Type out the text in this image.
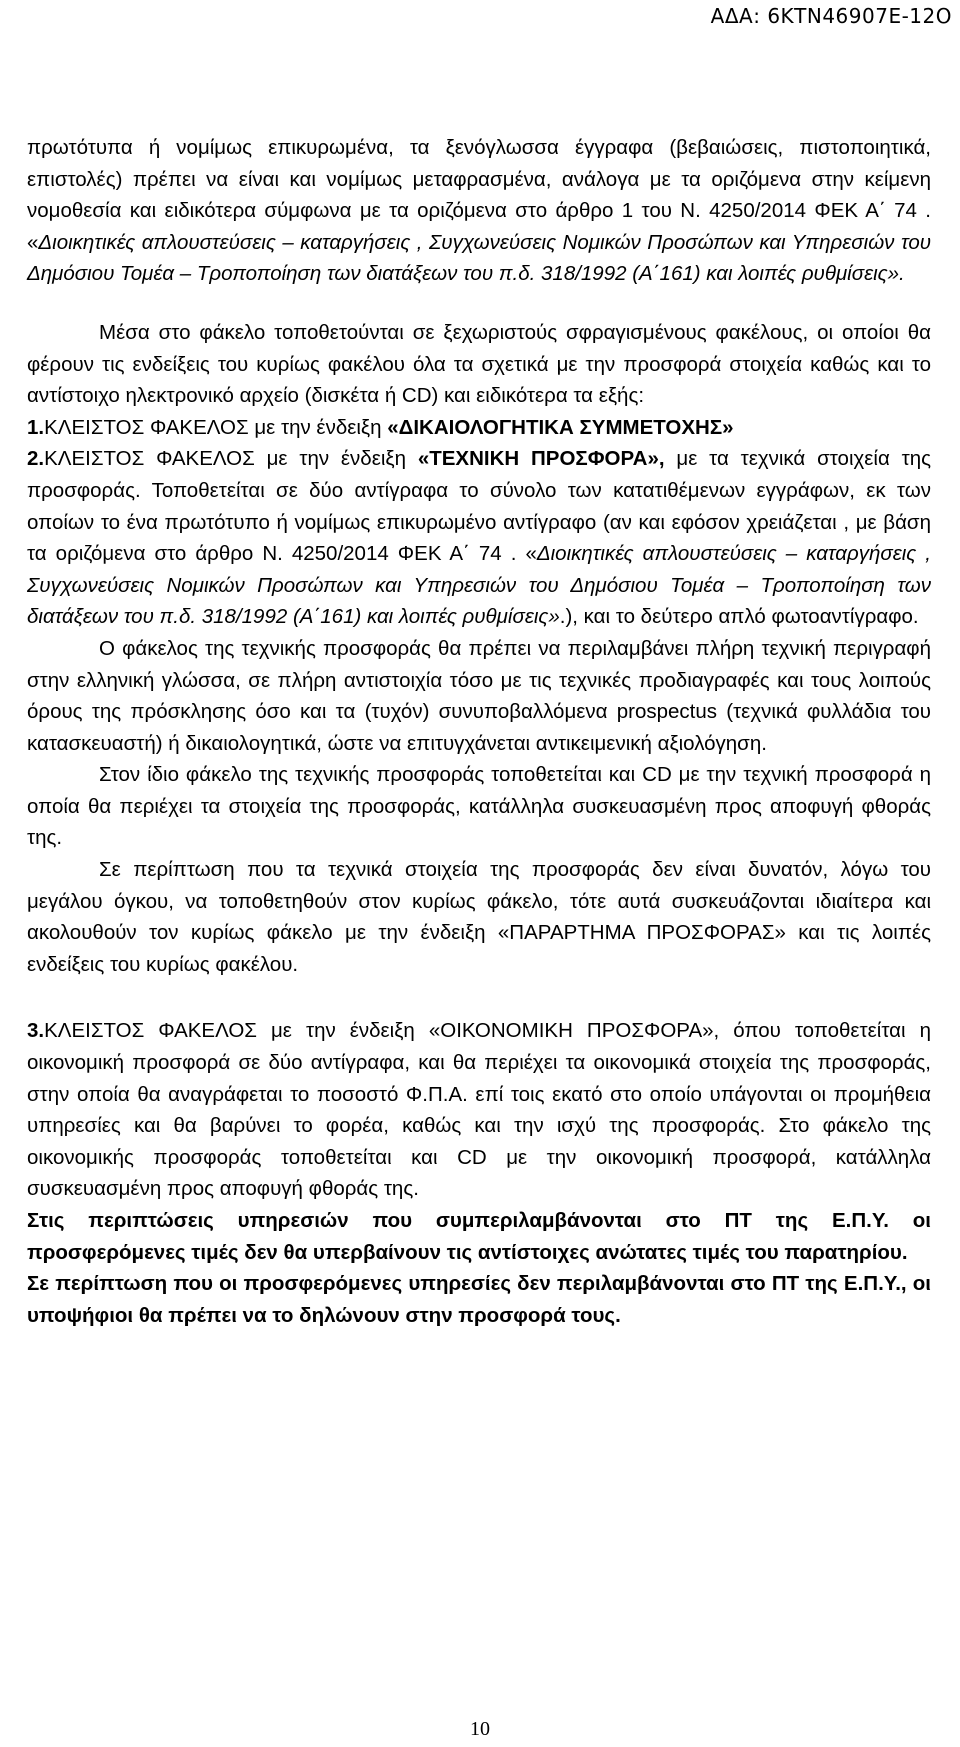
ΑΔΑ: 6ΚΤΝ46907Ε-12Ο

πρωτότυπα ή νομίμως επικυρωμένα, τα ξενόγλωσσα έγγραφα (βεβαιώσεις, πιστοποιητικά, επιστολές) πρέπει να είναι και νομίμως μεταφρασμένα, ανάλογα με τα οριζόμενα στην κείμενη νομοθεσία και ειδικότερα σύμφωνα με τα οριζόμενα στο άρθρο 1 του Ν. 4250/2014 ΦΕΚ Α΄ 74 . «Διοικητικές απλουστεύσεις – καταργήσεις , Συγχωνεύσεις Νομικών Προσώπων και Υπηρεσιών του Δημόσιου Τομέα – Τροποποίηση των διατάξεων του π.δ. 318/1992 (Α΄161) και λοιπές ρυθμίσεις».

Μέσα στο φάκελο τοποθετούνται σε ξεχωριστούς σφραγισμένους φακέλους, οι οποίοι θα φέρουν τις ενδείξεις του κυρίως φακέλου όλα τα σχετικά με την προσφορά στοιχεία καθώς και το αντίστοιχο ηλεκτρονικό αρχείο (δισκέτα ή CD) και ειδικότερα τα εξής:

1.ΚΛΕΙΣΤΟΣ ΦΑΚΕΛΟΣ με την ένδειξη «ΔΙΚΑΙΟΛΟΓΗΤΙΚΑ ΣΥΜΜΕΤΟΧΗΣ»

2.ΚΛΕΙΣΤΟΣ ΦΑΚΕΛΟΣ με την ένδειξη «ΤΕΧΝΙΚΗ ΠΡΟΣΦΟΡΑ», με τα τεχνικά στοιχεία της προσφοράς. Τοποθετείται σε δύο αντίγραφα το σύνολο των κατατιθέμενων εγγράφων, εκ των οποίων το ένα πρωτότυπο ή νομίμως επικυρωμένο αντίγραφο (αν και εφόσον χρειάζεται , με βάση τα οριζόμενα στο άρθρο Ν. 4250/2014 ΦΕΚ Α΄ 74 . «Διοικητικές απλουστεύσεις – καταργήσεις , Συγχωνεύσεις Νομικών Προσώπων και Υπηρεσιών του Δημόσιου Τομέα – Τροποποίηση των διατάξεων του π.δ. 318/1992 (Α΄161) και λοιπές ρυθμίσεις».), και το δεύτερο απλό φωτοαντίγραφο.

Ο φάκελος της τεχνικής προσφοράς θα πρέπει να περιλαμβάνει πλήρη τεχνική περιγραφή στην ελληνική γλώσσα, σε πλήρη αντιστοιχία τόσο με τις τεχνικές προδιαγραφές και τους λοιπούς όρους της πρόσκλησης όσο και τα (τυχόν) συνυποβαλλόμενα prospectus (τεχνικά φυλλάδια του κατασκευαστή) ή δικαιολογητικά, ώστε να επιτυγχάνεται αντικειμενική αξιολόγηση.

Στον ίδιο φάκελο της τεχνικής προσφοράς τοποθετείται και CD με την τεχνική προσφορά η οποία θα περιέχει τα στοιχεία της προσφοράς, κατάλληλα συσκευασμένη προς αποφυγή φθοράς της.

Σε περίπτωση που τα τεχνικά στοιχεία της προσφοράς δεν είναι δυνατόν, λόγω του μεγάλου όγκου, να τοποθετηθούν στον κυρίως φάκελο, τότε αυτά συσκευάζονται ιδιαίτερα και ακολουθούν τον κυρίως φάκελο με την ένδειξη «ΠΑΡΑΡΤΗΜΑ ΠΡΟΣΦΟΡΑΣ» και τις λοιπές ενδείξεις του κυρίως φακέλου.

3.ΚΛΕΙΣΤΟΣ ΦΑΚΕΛΟΣ με την ένδειξη «ΟΙΚΟΝΟΜΙΚΗ ΠΡΟΣΦΟΡΑ», όπου τοποθετείται η οικονομική προσφορά σε δύο αντίγραφα, και θα περιέχει τα οικονομικά στοιχεία της προσφοράς, στην οποία θα αναγράφεται το ποσοστό Φ.Π.Α. επί τοις εκατό στο οποίο υπάγονται οι προμήθεια υπηρεσίες και θα βαρύνει το φορέα, καθώς και την ισχύ της προσφοράς. Στο φάκελο της οικονομικής προσφοράς τοποθετείται και CD με την οικονομική προσφορά, κατάλληλα συσκευασμένη προς αποφυγή φθοράς της.

Στις περιπτώσεις υπηρεσιών που συμπεριλαμβάνονται στο ΠΤ της Ε.Π.Υ. οι προσφερόμενες τιμές δεν θα υπερβαίνουν τις αντίστοιχες ανώτατες τιμές του παρατηρίου.

Σε περίπτωση που οι προσφερόμενες υπηρεσίες δεν περιλαμβάνονται στο ΠΤ της Ε.Π.Υ., οι υποψήφιοι θα πρέπει να το δηλώνουν στην προσφορά τους.

10
